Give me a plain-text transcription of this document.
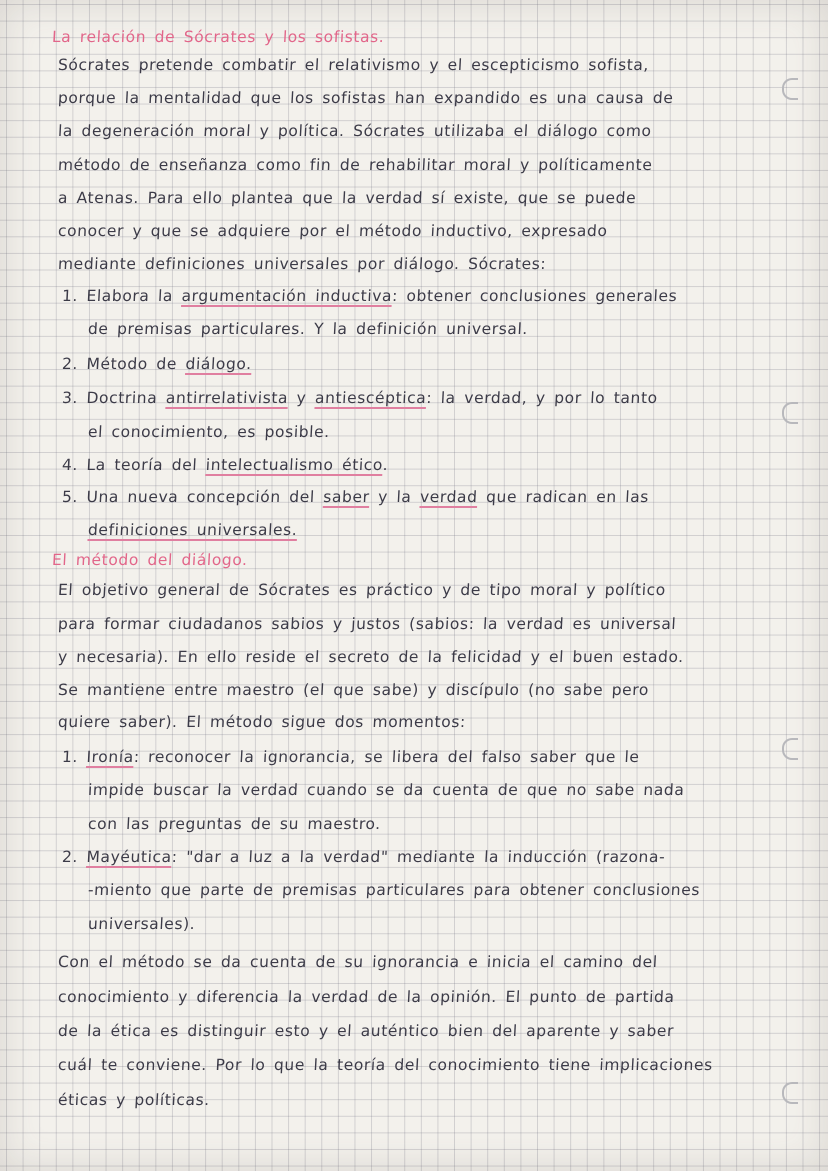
La relación de Sócrates y los sofistas.
Sócrates pretende combatir el relativismo y el escepticismo sofista,
porque la mentalidad que los sofistas han expandido es una causa de
la degeneración moral y política. Sócrates utilizaba el diálogo como
método de enseñanza como fin de rehabilitar moral y políticamente
a Atenas. Para ello plantea que la verdad sí existe, que se puede
conocer y que se adquiere por el método inductivo, expresado
mediante definiciones universales por diálogo. Sócrates:
1. Elabora la argumentación inductiva: obtener conclusiones generales
de premisas particulares. Y la definición universal.
2. Método de diálogo.
3. Doctrina antirrelativista y antiescéptica: la verdad, y por lo tanto
el conocimiento, es posible.
4. La teoría del intelectualismo ético.
5. Una nueva concepción del saber y la verdad que radican en las
definiciones universales.
El método del diálogo.
El objetivo general de Sócrates es práctico y de tipo moral y político
para formar ciudadanos sabios y justos (sabios: la verdad es universal
y necesaria). En ello reside el secreto de la felicidad y el buen estado.
Se mantiene entre maestro (el que sabe) y discípulo (no sabe pero
quiere saber). El método sigue dos momentos:
1. Ironía: reconocer la ignorancia, se libera del falso saber que le
impide buscar la verdad cuando se da cuenta de que no sabe nada
con las preguntas de su maestro.
2. Mayéutica: "dar a luz a la verdad" mediante la inducción (razona-
-miento que parte de premisas particulares para obtener conclusiones
universales).
Con el método se da cuenta de su ignorancia e inicia el camino del
conocimiento y diferencia la verdad de la opinión. El punto de partida
de la ética es distinguir esto y el auténtico bien del aparente y saber
cuál te conviene. Por lo que la teoría del conocimiento tiene implicaciones
éticas y políticas.
